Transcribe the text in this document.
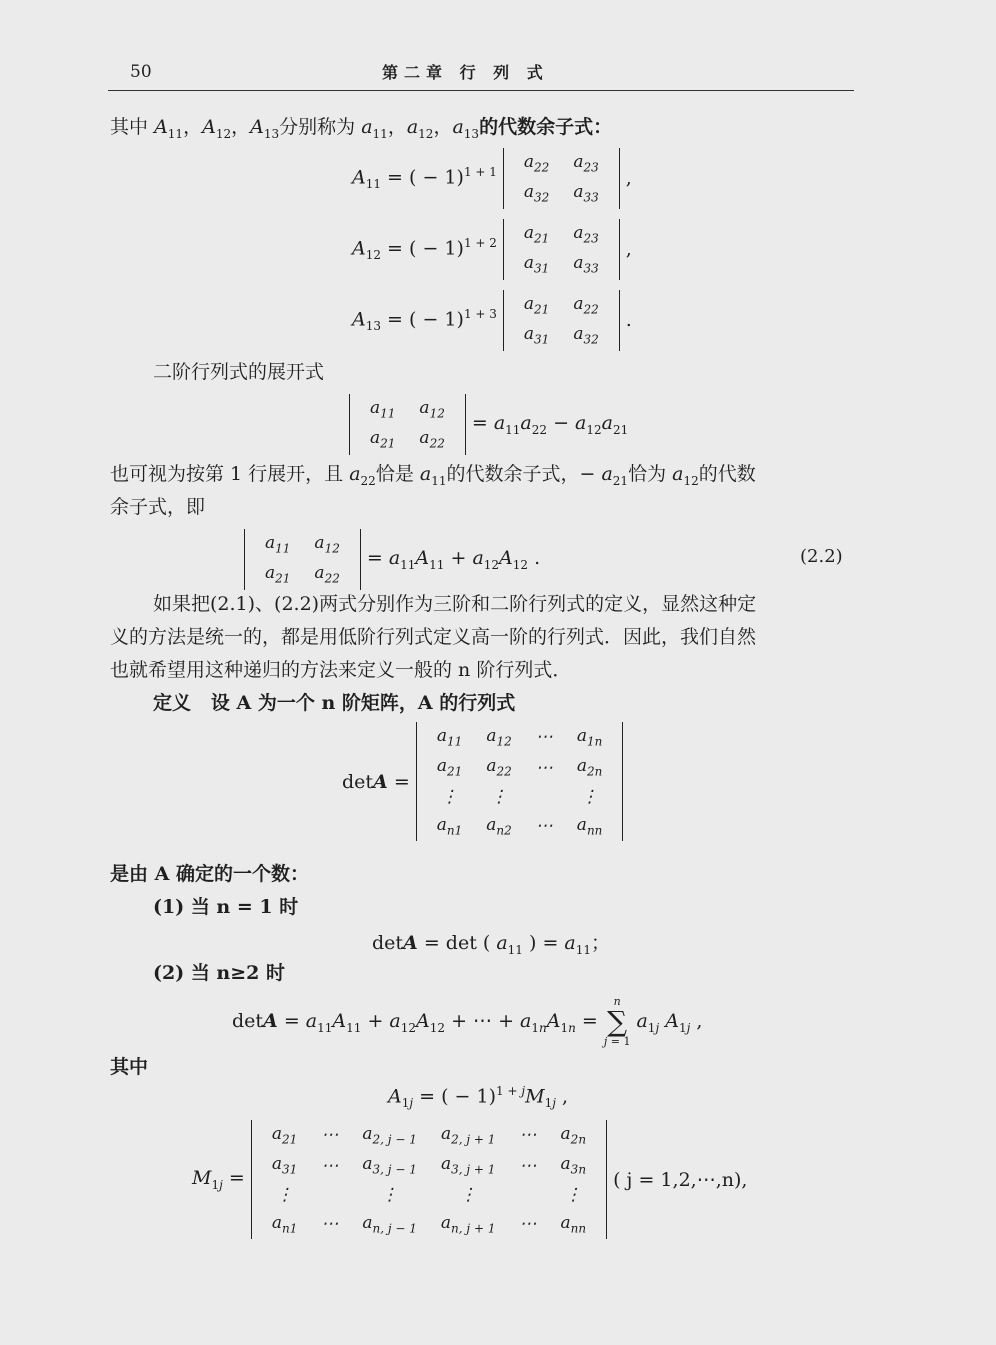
50	第二章 行 列 式
其中 $A_{11}$，$A_{12}$，$A_{13}$分别称为 $a_{11}$，$a_{12}$，$a_{13}$的代数余子式：
$A_{11}$ = ( − 1)$^{1 + 1}$
$a_{22}$	$a_{23}$
$a_{32}$	$a_{33}$
,
$A_{12}$ = ( − 1)$^{1 + 2}$
$a_{21}$	$a_{23}$
$a_{31}$	$a_{33}$
,
$A_{13}$ = ( − 1)$^{1 + 3}$
$a_{21}$	$a_{22}$
$a_{31}$	$a_{32}$
.
二阶行列式的展开式
$a_{11}$	$a_{12}$
$a_{21}$	$a_{22}$
= $a_{11}a_{22} - a_{12}a_{21}$
也可视为按第 1 行展开，且 $a_{22}$恰是 $a_{11}$的代数余子式，− $a_{21}$恰为 $a_{12}$的代数
余子式，即
$a_{11}$	$a_{12}$
$a_{21}$	$a_{22}$
= $a_{11}A_{11} + a_{12}A_{12}$ .	(2.2)
如果把(2.1)、(2.2)两式分别作为三阶和二阶行列式的定义，显然这种定
义的方法是统一的，都是用低阶行列式定义高一阶的行列式．因此，我们自然
也就希望用这种递归的方法来定义一般的 n 阶行列式．
定义 设 A 为一个 n 阶矩阵，A 的行列式
detA =
$a_{11}$	$a_{12}$	⋯	$a_{1n}$
$a_{21}$	$a_{22}$	⋯	$a_{2n}$
⋮	⋮		⋮
$a_{n1}$	$a_{n2}$	⋯	$a_{nn}$
是由 A 确定的一个数：
(1) 当 n = 1 时
detA = det ( $a_{11}$ ) = $a_{11}$；
(2) 当 n≥2 时
$\det A = a_{11}A_{11} + a_{12}A_{12}$ + ⋯ + $a_{1n}A_{1n}$ =
n
∑
j = 1
$a_{1j}$ $A_{1j}$ ,
其中
$A_{1j}$ = ( − $1)^{1 + j}M_{1j}$ ,
$M_{1j}$ =
$a_{21}$	⋯	$a_{2, j - 1}$	$a_{2, j + 1}$	⋯	$a_{2n}$
$a_{31}$	⋯	$a_{3, j - 1}$	$a_{3, j + 1}$	⋯	$a_{3n}$
⋮		⋮	⋮		⋮
$a_{n1}$	⋯	$a_{n, j - 1}$	$a_{n, j + 1}$	⋯	$a_{nn}$
( j = 1,2,⋯,n),
